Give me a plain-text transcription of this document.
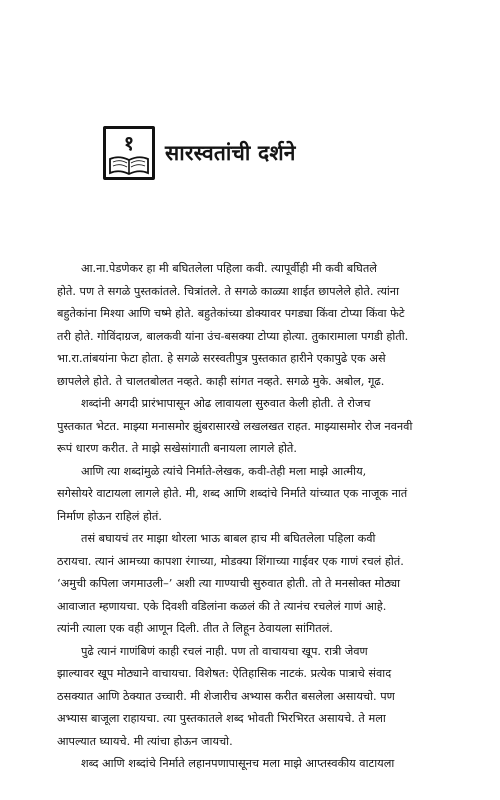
१	सारस्वतांची दर्शने
आ.ना.पेडणेकर हा मी बघितलेला पहिला कवी. त्यापूर्वीही मी कवी बघितले
होते. पण ते सगळे पुस्तकांतले. चित्रांतले. ते सगळे काळ्या शाईत छापलेले होते. त्यांना
बहुतेकांना मिश्या आणि चष्मे होते. बहुतेकांच्या डोक्यावर पगड्या किंवा टोप्या किंवा फेटे
तरी होते. गोविंदाग्रज, बालकवी यांना उंच-बसक्या टोप्या होत्या. तुकारामाला पगडी होती.
भा.रा.तांबयांना फेटा होता. हे सगळे सरस्वतीपुत्र पुस्तकात हारीने एकापुढे एक असे
छापलेले होते. ते चालतबोलत नव्हते. काही सांगत नव्हते. सगळे मुके. अबोल, गूढ.
शब्दांनी अगदी प्रारंभापासून ओढ लावायला सुरुवात केली होती. ते रोजच
पुस्तकात भेटत. माझ्या मनासमोर झुंबरासारखे लखलखत राहत. माझ्यासमोर रोज नवनवी
रूपं धारण करीत. ते माझे सखेसांगाती बनायला लागले होते.
आणि त्या शब्दांमुळे त्यांचे निर्माते-लेखक, कवी-तेही मला माझे आत्मीय,
सगेसोयरे वाटायला लागले होते. मी, शब्द आणि शब्दांचे निर्माते यांच्यात एक नाजूक नातं
निर्माण होऊन राहिलं होतं.
तसं बघायचं तर माझा थोरला भाऊ बाबल हाच मी बघितलेला पहिला कवी
ठरायचा. त्यानं आमच्या कापशा रंगाच्या, मोडक्या शिंगाच्या गाईवर एक गाणं रचलं होतं.
‘अमुची कपिला जगमाउली–’ अशी त्या गाण्याची सुरुवात होती. तो ते मनसोक्त मोठ्या
आवाजात म्हणायचा. एके दिवशी वडिलांना कळलं की ते त्यानंच रचलेलं गाणं आहे.
त्यांनी त्याला एक वही आणून दिली. तीत ते लिहून ठेवायला सांगितलं.
पुढे त्यानं गाणंबिणं काही रचलं नाही. पण तो वाचायचा खूप. रात्री जेवण
झाल्यावर खूप मोठ्याने वाचायचा. विशेषत: ऐतिहासिक नाटकं. प्रत्येक पात्राचे संवाद
ठसक्यात आणि ठेक्यात उच्चारी. मी शेजारीच अभ्यास करीत बसलेला असायचो. पण
अभ्यास बाजूला राहायचा. त्या पुस्तकातले शब्द भोवती भिरभिरत असायचे. ते मला
आपल्यात घ्यायचे. मी त्यांचा होऊन जायचो.
शब्द आणि शब्दांचे निर्माते लहानपणापासूनच मला माझे आप्तस्वकीय वाटायला
